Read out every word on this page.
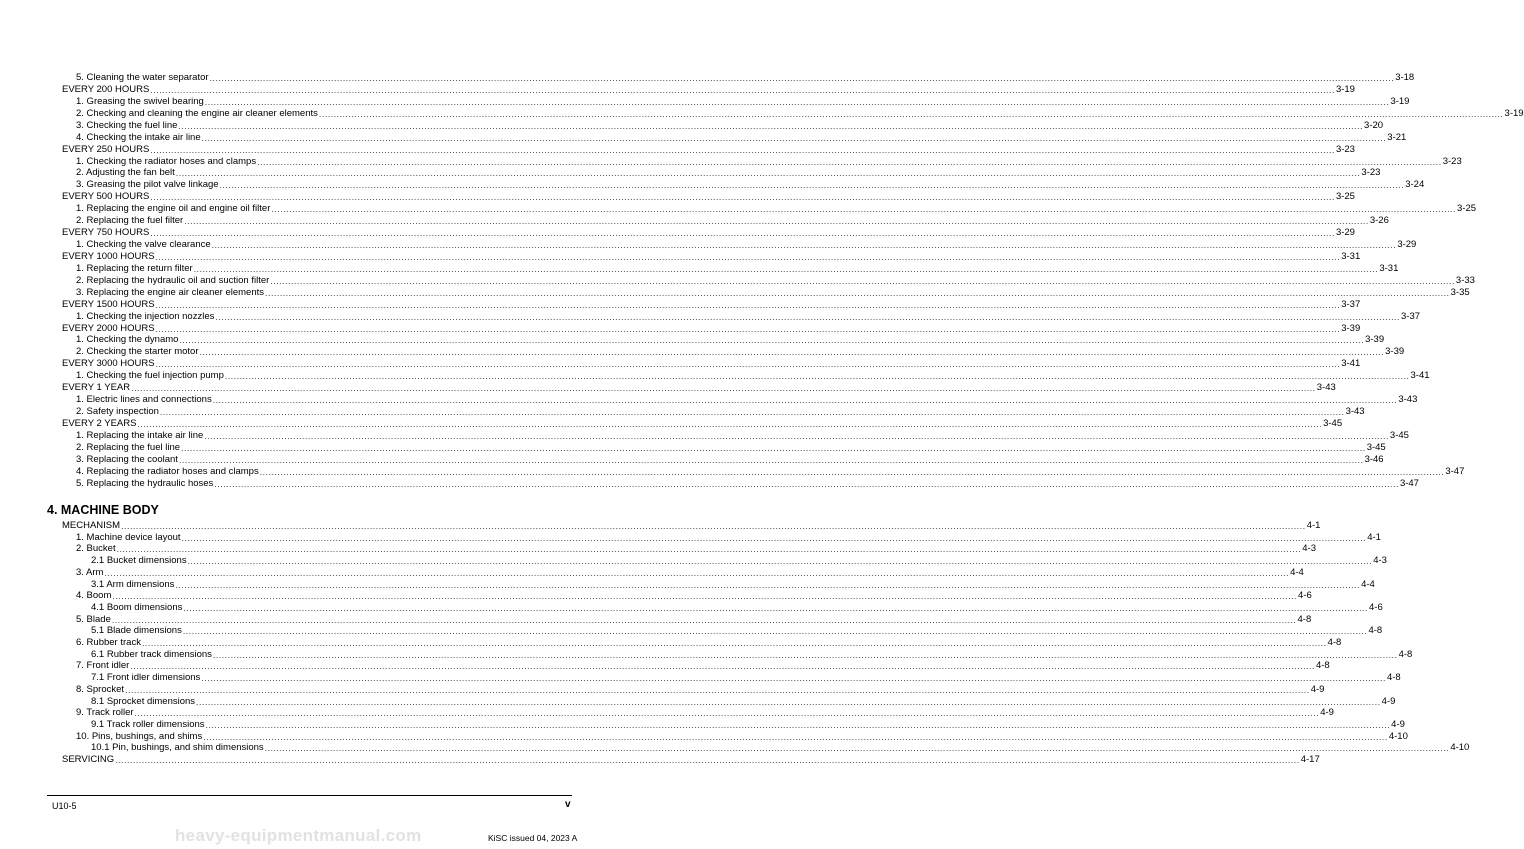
5. Cleaning the water separator ................................................................................................................................................................................................................................................................................................................................................................................................................ 3-18
EVERY 200 HOURS ................................................................................................................................................................................................................................................................................................................................................................................................................ 3-19
1. Greasing the swivel bearing ................................................................................................................................................................................................................................................................................................................................................................................................................ 3-19
2. Checking and cleaning the engine air cleaner elements ................................................................................................................................................................................................................................................................................................................................................................................................................ 3-19
3. Checking the fuel line ................................................................................................................................................................................................................................................................................................................................................................................................................ 3-20
4. Checking the intake air line ................................................................................................................................................................................................................................................................................................................................................................................................................ 3-21
EVERY 250 HOURS ................................................................................................................................................................................................................................................................................................................................................................................................................ 3-23
1. Checking the radiator hoses and clamps ................................................................................................................................................................................................................................................................................................................................................................................................................ 3-23
2. Adjusting the fan belt ................................................................................................................................................................................................................................................................................................................................................................................................................ 3-23
3. Greasing the pilot valve linkage ................................................................................................................................................................................................................................................................................................................................................................................................................ 3-24
EVERY 500 HOURS ................................................................................................................................................................................................................................................................................................................................................................................................................ 3-25
1. Replacing the engine oil and engine oil filter ................................................................................................................................................................................................................................................................................................................................................................................................................ 3-25
2. Replacing the fuel filter ................................................................................................................................................................................................................................................................................................................................................................................................................ 3-26
EVERY 750 HOURS ................................................................................................................................................................................................................................................................................................................................................................................................................ 3-29
1. Checking the valve clearance ................................................................................................................................................................................................................................................................................................................................................................................................................ 3-29
EVERY 1000 HOURS ................................................................................................................................................................................................................................................................................................................................................................................................................ 3-31
1. Replacing the return filter ................................................................................................................................................................................................................................................................................................................................................................................................................ 3-31
2. Replacing the hydraulic oil and suction filter ................................................................................................................................................................................................................................................................................................................................................................................................................ 3-33
3. Replacing the engine air cleaner elements ................................................................................................................................................................................................................................................................................................................................................................................................................ 3-35
EVERY 1500 HOURS ................................................................................................................................................................................................................................................................................................................................................................................................................ 3-37
1. Checking the injection nozzles ................................................................................................................................................................................................................................................................................................................................................................................................................ 3-37
EVERY 2000 HOURS ................................................................................................................................................................................................................................................................................................................................................................................................................ 3-39
1. Checking the dynamo ................................................................................................................................................................................................................................................................................................................................................................................................................ 3-39
2. Checking the starter motor ................................................................................................................................................................................................................................................................................................................................................................................................................ 3-39
EVERY 3000 HOURS ................................................................................................................................................................................................................................................................................................................................................................................................................ 3-41
1. Checking the fuel injection pump ................................................................................................................................................................................................................................................................................................................................................................................................................ 3-41
EVERY 1 YEAR ................................................................................................................................................................................................................................................................................................................................................................................................................ 3-43
1. Electric lines and connections ................................................................................................................................................................................................................................................................................................................................................................................................................ 3-43
2. Safety inspection ................................................................................................................................................................................................................................................................................................................................................................................................................ 3-43
EVERY 2 YEARS ................................................................................................................................................................................................................................................................................................................................................................................................................ 3-45
1. Replacing the intake air line ................................................................................................................................................................................................................................................................................................................................................................................................................ 3-45
2. Replacing the fuel line ................................................................................................................................................................................................................................................................................................................................................................................................................ 3-45
3. Replacing the coolant ................................................................................................................................................................................................................................................................................................................................................................................................................ 3-46
4. Replacing the radiator hoses and clamps ................................................................................................................................................................................................................................................................................................................................................................................................................ 3-47
5. Replacing the hydraulic hoses ................................................................................................................................................................................................................................................................................................................................................................................................................ 3-47
MECHANISM ................................................................................................................................................................................................................................................................................................................................................................................................................ 4-1
1. Machine device layout ................................................................................................................................................................................................................................................................................................................................................................................................................ 4-1
2. Bucket ................................................................................................................................................................................................................................................................................................................................................................................................................ 4-3
2.1 Bucket dimensions ................................................................................................................................................................................................................................................................................................................................................................................................................ 4-3
3. Arm ................................................................................................................................................................................................................................................................................................................................................................................................................ 4-4
3.1 Arm dimensions ................................................................................................................................................................................................................................................................................................................................................................................................................ 4-4
4. Boom ................................................................................................................................................................................................................................................................................................................................................................................................................ 4-6
4.1 Boom dimensions ................................................................................................................................................................................................................................................................................................................................................................................................................ 4-6
5. Blade ................................................................................................................................................................................................................................................................................................................................................................................................................ 4-8
5.1 Blade dimensions ................................................................................................................................................................................................................................................................................................................................................................................................................ 4-8
6. Rubber track ................................................................................................................................................................................................................................................................................................................................................................................................................ 4-8
6.1 Rubber track dimensions ................................................................................................................................................................................................................................................................................................................................................................................................................ 4-8
7. Front idler ................................................................................................................................................................................................................................................................................................................................................................................................................ 4-8
7.1 Front idler dimensions ................................................................................................................................................................................................................................................................................................................................................................................................................ 4-8
8. Sprocket ................................................................................................................................................................................................................................................................................................................................................................................................................ 4-9
8.1 Sprocket dimensions ................................................................................................................................................................................................................................................................................................................................................................................................................ 4-9
9. Track roller ................................................................................................................................................................................................................................................................................................................................................................................................................ 4-9
9.1 Track roller dimensions ................................................................................................................................................................................................................................................................................................................................................................................................................ 4-9
10. Pins, bushings, and shims ................................................................................................................................................................................................................................................................................................................................................................................................................ 4-10
10.1 Pin, bushings, and shim dimensions ................................................................................................................................................................................................................................................................................................................................................................................................................ 4-10
SERVICING ................................................................................................................................................................................................................................................................................................................................................................................................................ 4-17
4. MACHINE BODY
U10-5	v
heavy-equipmentmanual.com	KiSC issued 04, 2023 A
